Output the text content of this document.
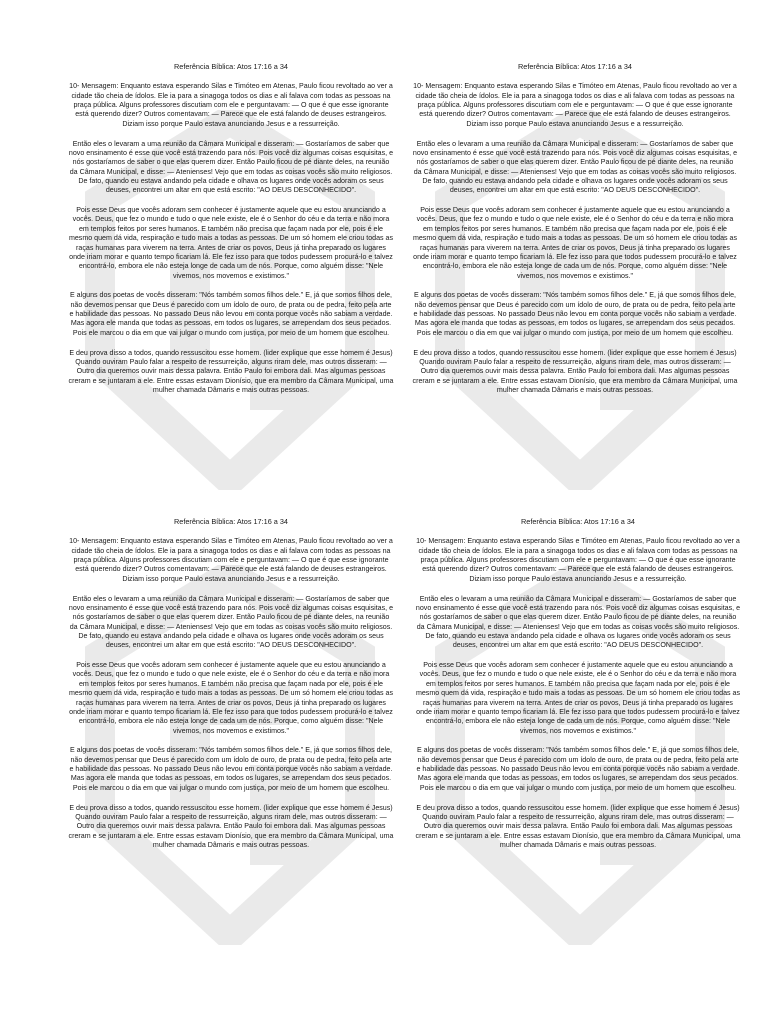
Referência Bíblica: Atos 17:16 a 34

10- Mensagem: Enquanto estava esperando Silas e Timóteo em Atenas, Paulo ficou revoltado ao ver a cidade tão cheia de ídolos. Ele ia para a sinagoga todos os dias e ali falava com todas as pessoas na praça pública. Alguns professores discutiam com ele e perguntavam: — O que é que esse ignorante está querendo dizer? Outros comentavam: — Parece que ele está falando de deuses estrangeiros. Diziam isso porque Paulo estava anunciando Jesus e a ressurreição.

Então eles o levaram a uma reunião da Câmara Municipal e disseram: — Gostaríamos de saber que novo ensinamento é esse que você está trazendo para nós. Pois você diz algumas coisas esquisitas, e nós gostaríamos de saber o que elas querem dizer. Então Paulo ficou de pé diante deles, na reunião da Câmara Municipal, e disse: — Atenienses! Vejo que em todas as coisas vocês são muito religiosos. De fato, quando eu estava andando pela cidade e olhava os lugares onde vocês adoram os seus deuses, encontrei um altar em que está escrito: "AO DEUS DESCONHECIDO".

Pois esse Deus que vocês adoram sem conhecer é justamente aquele que eu estou anunciando a vocês. Deus, que fez o mundo e tudo o que nele existe, ele é o Senhor do céu e da terra e não mora em templos feitos por seres humanos. E também não precisa que façam nada por ele, pois é ele mesmo quem dá vida, respiração e tudo mais a todas as pessoas. De um só homem ele criou todas as raças humanas para viverem na terra. Antes de criar os povos, Deus já tinha preparado os lugares onde iriam morar e quanto tempo ficariam lá. Ele fez isso para que todos pudessem procurá-lo e talvez encontrá-lo, embora ele não esteja longe de cada um de nós. Porque, como alguém disse: "Nele vivemos, nos movemos e existimos."

E alguns dos poetas de vocês disseram: "Nós também somos filhos dele." E, já que somos filhos dele, não devemos pensar que Deus é parecido com um ídolo de ouro, de prata ou de pedra, feito pela arte e habilidade das pessoas. No passado Deus não levou em conta porque vocês não sabiam a verdade. Mas agora ele manda que todas as pessoas, em todos os lugares, se arrependam dos seus pecados. Pois ele marcou o dia em que vai julgar o mundo com justiça, por meio de um homem que escolheu.

E deu prova disso a todos, quando ressuscitou esse homem. (lider explique que esse homem é Jesus) Quando ouviram Paulo falar a respeito de ressurreição, alguns riram dele, mas outros disseram: — Outro dia queremos ouvir mais dessa palavra. Então Paulo foi embora dali. Mas algumas pessoas creram e se juntaram a ele. Entre essas estavam Dionísio, que era membro da Câmara Municipal, uma mulher chamada Dâmaris e mais outras pessoas.

Referência Bíblica: Atos 17:16 a 34

10- Mensagem: Enquanto estava esperando Silas e Timóteo em Atenas, Paulo ficou revoltado ao ver a cidade tão cheia de ídolos. Ele ia para a sinagoga todos os dias e ali falava com todas as pessoas na praça pública. Alguns professores discutiam com ele e perguntavam: — O que é que esse ignorante está querendo dizer? Outros comentavam: — Parece que ele está falando de deuses estrangeiros. Diziam isso porque Paulo estava anunciando Jesus e a ressurreição.

Então eles o levaram a uma reunião da Câmara Municipal e disseram: — Gostaríamos de saber que novo ensinamento é esse que você está trazendo para nós. Pois você diz algumas coisas esquisitas, e nós gostaríamos de saber o que elas querem dizer. Então Paulo ficou de pé diante deles, na reunião da Câmara Municipal, e disse: — Atenienses! Vejo que em todas as coisas vocês são muito religiosos. De fato, quando eu estava andando pela cidade e olhava os lugares onde vocês adoram os seus deuses, encontrei um altar em que está escrito: "AO DEUS DESCONHECIDO".

Pois esse Deus que vocês adoram sem conhecer é justamente aquele que eu estou anunciando a vocês. Deus, que fez o mundo e tudo o que nele existe, ele é o Senhor do céu e da terra e não mora em templos feitos por seres humanos. E também não precisa que façam nada por ele, pois é ele mesmo quem dá vida, respiração e tudo mais a todas as pessoas. De um só homem ele criou todas as raças humanas para viverem na terra. Antes de criar os povos, Deus já tinha preparado os lugares onde iriam morar e quanto tempo ficariam lá. Ele fez isso para que todos pudessem procurá-lo e talvez encontrá-lo, embora ele não esteja longe de cada um de nós. Porque, como alguém disse: "Nele vivemos, nos movemos e existimos."

E alguns dos poetas de vocês disseram: "Nós também somos filhos dele." E, já que somos filhos dele, não devemos pensar que Deus é parecido com um ídolo de ouro, de prata ou de pedra, feito pela arte e habilidade das pessoas. No passado Deus não levou em conta porque vocês não sabiam a verdade. Mas agora ele manda que todas as pessoas, em todos os lugares, se arrependam dos seus pecados. Pois ele marcou o dia em que vai julgar o mundo com justiça, por meio de um homem que escolheu.

E deu prova disso a todos, quando ressuscitou esse homem. (lider explique que esse homem é Jesus) Quando ouviram Paulo falar a respeito de ressurreição, alguns riram dele, mas outros disseram: — Outro dia queremos ouvir mais dessa palavra. Então Paulo foi embora dali. Mas algumas pessoas creram e se juntaram a ele. Entre essas estavam Dionísio, que era membro da Câmara Municipal, uma mulher chamada Dâmaris e mais outras pessoas.

Referência Bíblica: Atos 17:16 a 34

10- Mensagem: Enquanto estava esperando Silas e Timóteo em Atenas, Paulo ficou revoltado ao ver a cidade tão cheia de ídolos. Ele ia para a sinagoga todos os dias e ali falava com todas as pessoas na praça pública. Alguns professores discutiam com ele e perguntavam: — O que é que esse ignorante está querendo dizer? Outros comentavam: — Parece que ele está falando de deuses estrangeiros. Diziam isso porque Paulo estava anunciando Jesus e a ressurreição.

Então eles o levaram a uma reunião da Câmara Municipal e disseram: — Gostaríamos de saber que novo ensinamento é esse que você está trazendo para nós. Pois você diz algumas coisas esquisitas, e nós gostaríamos de saber o que elas querem dizer. Então Paulo ficou de pé diante deles, na reunião da Câmara Municipal, e disse: — Atenienses! Vejo que em todas as coisas vocês são muito religiosos. De fato, quando eu estava andando pela cidade e olhava os lugares onde vocês adoram os seus deuses, encontrei um altar em que está escrito: "AO DEUS DESCONHECIDO".

Pois esse Deus que vocês adoram sem conhecer é justamente aquele que eu estou anunciando a vocês. Deus, que fez o mundo e tudo o que nele existe, ele é o Senhor do céu e da terra e não mora em templos feitos por seres humanos. E também não precisa que façam nada por ele, pois é ele mesmo quem dá vida, respiração e tudo mais a todas as pessoas. De um só homem ele criou todas as raças humanas para viverem na terra. Antes de criar os povos, Deus já tinha preparado os lugares onde iriam morar e quanto tempo ficariam lá. Ele fez isso para que todos pudessem procurá-lo e talvez encontrá-lo, embora ele não esteja longe de cada um de nós. Porque, como alguém disse: "Nele vivemos, nos movemos e existimos."

E alguns dos poetas de vocês disseram: "Nós também somos filhos dele." E, já que somos filhos dele, não devemos pensar que Deus é parecido com um ídolo de ouro, de prata ou de pedra, feito pela arte e habilidade das pessoas. No passado Deus não levou em conta porque vocês não sabiam a verdade. Mas agora ele manda que todas as pessoas, em todos os lugares, se arrependam dos seus pecados. Pois ele marcou o dia em que vai julgar o mundo com justiça, por meio de um homem que escolheu.

E deu prova disso a todos, quando ressuscitou esse homem. (lider explique que esse homem é Jesus) Quando ouviram Paulo falar a respeito de ressurreição, alguns riram dele, mas outros disseram: — Outro dia queremos ouvir mais dessa palavra. Então Paulo foi embora dali. Mas algumas pessoas creram e se juntaram a ele. Entre essas estavam Dionísio, que era membro da Câmara Municipal, uma mulher chamada Dâmaris e mais outras pessoas.

Referência Bíblica: Atos 17:16 a 34

10- Mensagem: Enquanto estava esperando Silas e Timóteo em Atenas, Paulo ficou revoltado ao ver a cidade tão cheia de ídolos. Ele ia para a sinagoga todos os dias e ali falava com todas as pessoas na praça pública. Alguns professores discutiam com ele e perguntavam: — O que é que esse ignorante está querendo dizer? Outros comentavam: — Parece que ele está falando de deuses estrangeiros. Diziam isso porque Paulo estava anunciando Jesus e a ressurreição.

Então eles o levaram a uma reunião da Câmara Municipal e disseram: — Gostaríamos de saber que novo ensinamento é esse que você está trazendo para nós. Pois você diz algumas coisas esquisitas, e nós gostaríamos de saber o que elas querem dizer. Então Paulo ficou de pé diante deles, na reunião da Câmara Municipal, e disse: — Atenienses! Vejo que em todas as coisas vocês são muito religiosos. De fato, quando eu estava andando pela cidade e olhava os lugares onde vocês adoram os seus deuses, encontrei um altar em que está escrito: "AO DEUS DESCONHECIDO".

Pois esse Deus que vocês adoram sem conhecer é justamente aquele que eu estou anunciando a vocês. Deus, que fez o mundo e tudo o que nele existe, ele é o Senhor do céu e da terra e não mora em templos feitos por seres humanos. E também não precisa que façam nada por ele, pois é ele mesmo quem dá vida, respiração e tudo mais a todas as pessoas. De um só homem ele criou todas as raças humanas para viverem na terra. Antes de criar os povos, Deus já tinha preparado os lugares onde iriam morar e quanto tempo ficariam lá. Ele fez isso para que todos pudessem procurá-lo e talvez encontrá-lo, embora ele não esteja longe de cada um de nós. Porque, como alguém disse: "Nele vivemos, nos movemos e existimos."

E alguns dos poetas de vocês disseram: "Nós também somos filhos dele." E, já que somos filhos dele, não devemos pensar que Deus é parecido com um ídolo de ouro, de prata ou de pedra, feito pela arte e habilidade das pessoas. No passado Deus não levou em conta porque vocês não sabiam a verdade. Mas agora ele manda que todas as pessoas, em todos os lugares, se arrependam dos seus pecados. Pois ele marcou o dia em que vai julgar o mundo com justiça, por meio de um homem que escolheu.

E deu prova disso a todos, quando ressuscitou esse homem. (lider explique que esse homem é Jesus) Quando ouviram Paulo falar a respeito de ressurreição, alguns riram dele, mas outros disseram: — Outro dia queremos ouvir mais dessa palavra. Então Paulo foi embora dali. Mas algumas pessoas creram e se juntaram a ele. Entre essas estavam Dionísio, que era membro da Câmara Municipal, uma mulher chamada Dâmaris e mais outras pessoas.
